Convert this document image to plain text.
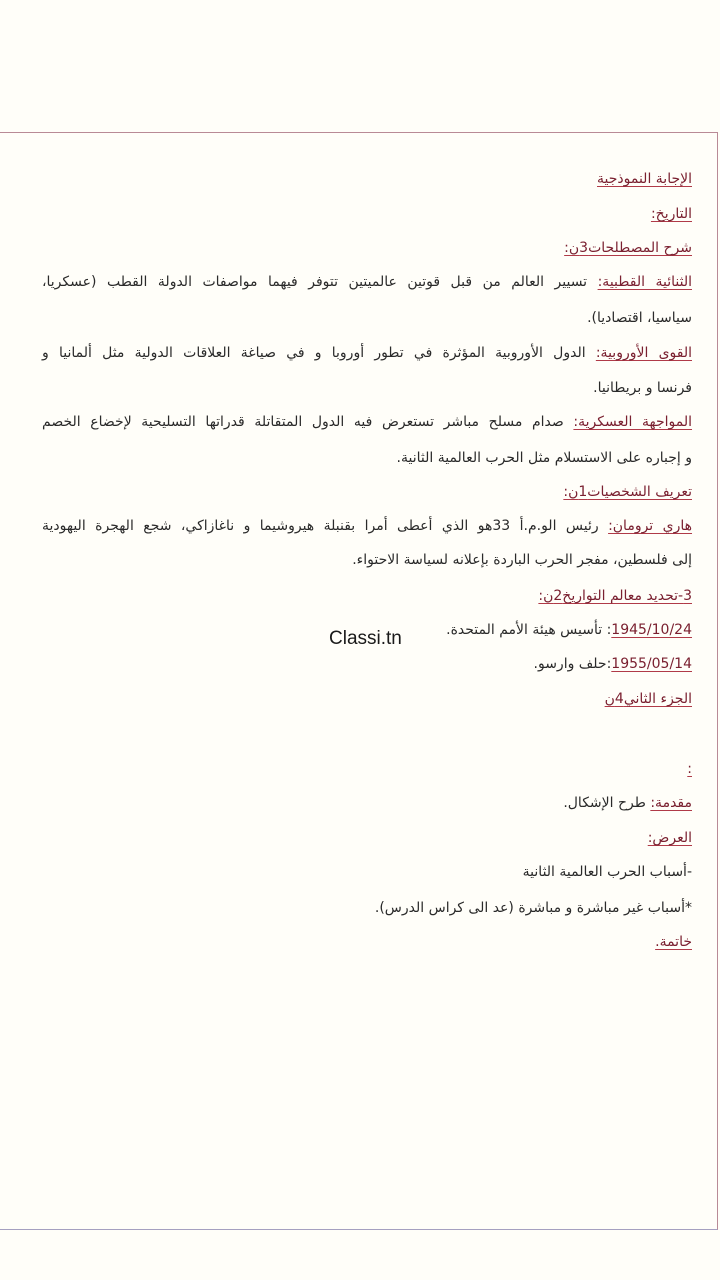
الإجابة النموذجية
التاريخ:
شرح المصطلحات3ن:
الثنائية القطبية: تسيير العالم من قبل قوتين عالميتين تتوفر فيهما مواصفات الدولة القطب (عسكريا،
سياسيا، اقتصاديا).
القوى الأوروبية: الدول الأوروبية المؤثرة في تطور أوروبا و في صياغة العلاقات الدولية مثل ألمانيا و
فرنسا و بريطانيا.
المواجهة العسكرية: صدام مسلح مباشر تستعرض فيه الدول المتقاتلة قدراتها التسليحية لإخضاع الخصم
و إجباره على الاستسلام مثل الحرب العالمية الثانية.
تعريف الشخصيات1ن:
هاري ترومان: رئيس الو.م.أ 33هو الذي أعطى أمرا بقنبلة هيروشيما و ناغازاكي، شجع الهجرة اليهودية
إلى فلسطين، مفجر الحرب الباردة بإعلانه لسياسة الاحتواء.
3-تحديد معالم التواريخ2ن:
1945/10/24: تأسيس هيئة الأمم المتحدة.
1955/05/14:حلف وارسو.
الجزء الثاني4ن
:
مقدمة: طرح الإشكال.
العرض:
-أسباب الحرب العالمية الثانية
*أسباب غير مباشرة و مباشرة (عد الى كراس الدرس).
خاتمة.
Classi.tn
